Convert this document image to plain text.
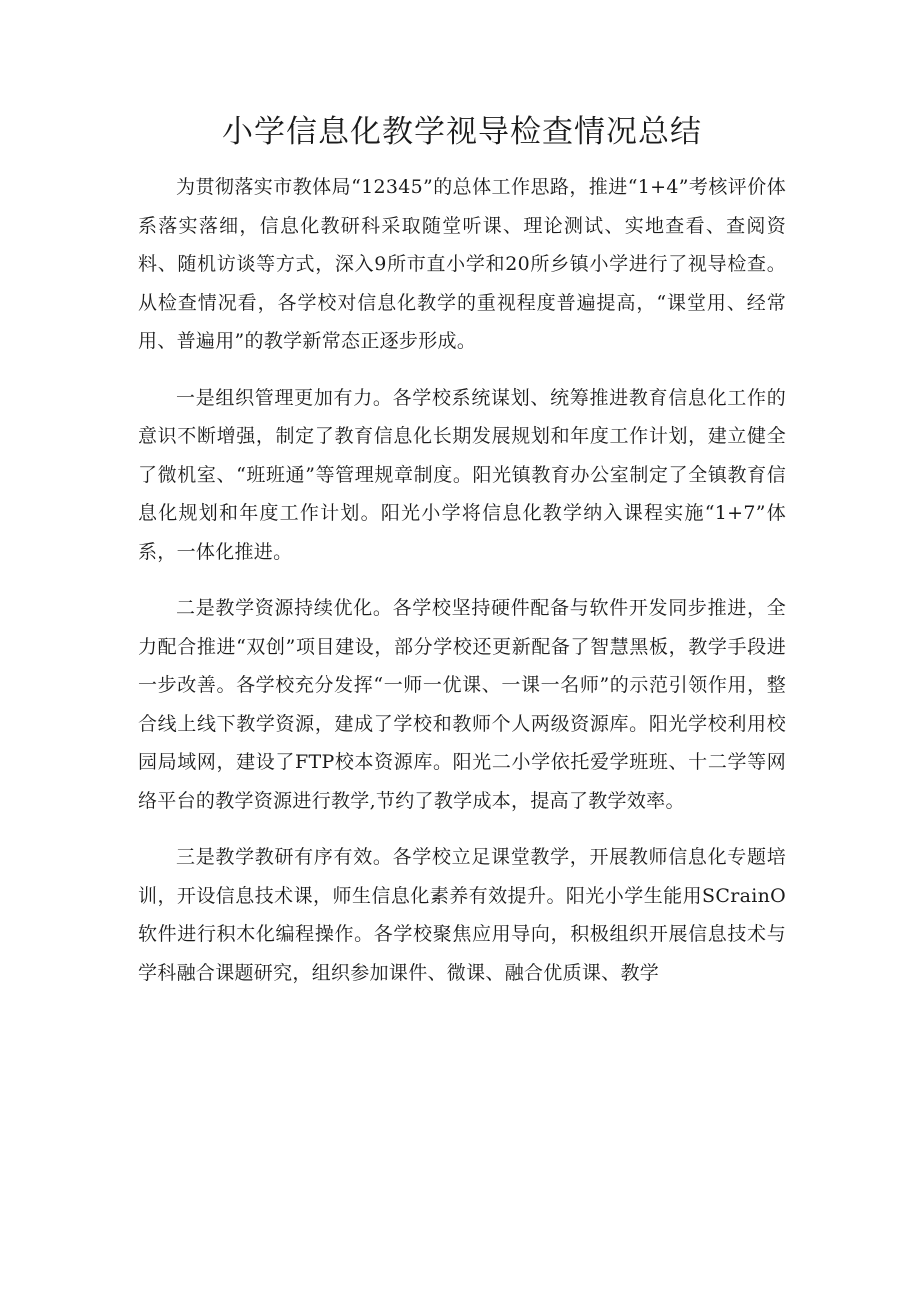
小学信息化教学视导检查情况总结

为贯彻落实市教体局“12345”的总体工作思路，推进“1+4”考核评价体系落实落细，信息化教研科采取随堂听课、理论测试、实地查看、查阅资料、随机访谈等方式，深入9所市直小学和20所乡镇小学进行了视导检查。从检查情况看，各学校对信息化教学的重视程度普遍提高，“课堂用、经常用、普遍用”的教学新常态正逐步形成。

一是组织管理更加有力。各学校系统谋划、统筹推进教育信息化工作的意识不断增强，制定了教育信息化长期发展规划和年度工作计划，建立健全了微机室、“班班通”等管理规章制度。阳光镇教育办公室制定了全镇教育信息化规划和年度工作计划。阳光小学将信息化教学纳入课程实施“1+7”体系，一体化推进。

二是教学资源持续优化。各学校坚持硬件配备与软件开发同步推进，全力配合推进“双创”项目建设，部分学校还更新配备了智慧黑板，教学手段进一步改善。各学校充分发挥“一师一优课、一课一名师”的示范引领作用，整合线上线下教学资源，建成了学校和教师个人两级资源库。阳光学校利用校园局域网，建设了FTP校本资源库。阳光二小学依托爱学班班、十二学等网络平台的教学资源进行教学,节约了教学成本，提高了教学效率。

三是教学教研有序有效。各学校立足课堂教学，开展教师信息化专题培训，开设信息技术课，师生信息化素养有效提升。阳光小学生能用SCrainO软件进行积木化编程操作。各学校聚焦应用导向，积极组织开展信息技术与学科融合课题研究，组织参加课件、微课、融合优质课、教学
